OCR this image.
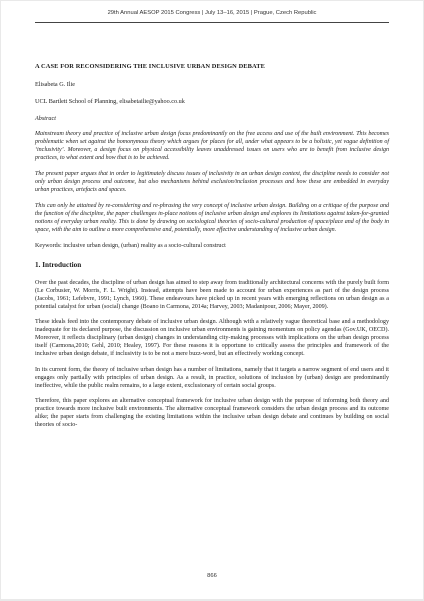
29th Annual AESOP 2015 Congress | July 13–16, 2015 | Prague, Czech Republic

A CASE FOR RECONSIDERING THE INCLUSIVE URBAN DESIGN DEBATE

Elisabeta G. Ilie

UCL Bartlett School of Planning, elisabetailie@yahoo.co.uk

Abstract

Mainstream theory and practice of inclusive urban design focus predominantly on the free access and use of the built environment. This becomes problematic when set against the homonymous theory which argues for places for all, under what appears to be a holistic, yet vague definition of ‘inclusivity’. Moreover, a design focus on physical accessibility leaves unaddressed issues on users who are to benefit from inclusive design practices, to what extent and how that is to be achieved.

The present paper argues that in order to legitimately discuss issues of inclusivity in an urban design context, the discipline needs to consider not only urban design process and outcome, but also mechanisms behind exclusion/inclusion processes and how these are embedded in everyday urban practices, artefacts and spaces.

This can only be attained by re-considering and re-phrasing the very concept of inclusive urban design. Building on a critique of the purpose and the function of the discipline, the paper challenges in-place notions of inclusive urban design and explores its limitations against taken-for-granted notions of everyday urban reality. This is done by drawing on sociological theories of socio-cultural production of space/place and of the body in space, with the aim to outline a more comprehensive and, potentially, more effective understanding of inclusive urban design.

Keywords: inclusive urban design, (urban) reality as a socio-cultural construct

1. Introduction

Over the past decades, the discipline of urban design has aimed to step away from traditionally architectural concerns with the purely built form (Le Corbusier, W. Morris, F. L. Wright). Instead, attempts have been made to account for urban experiences as part of the design process (Jacobs, 1961; Lefebvre, 1991; Lynch, 1960). These endeavours have picked up in recent years with emerging reflections on urban design as a potential catalyst for urban (social) change (Boano in Carmona, 2014a; Harvey, 2003; Madanipour, 2006; Mayer, 2009).

These ideals feed into the contemporary debate of inclusive urban design. Although with a relatively vague theoretical base and a methodology inadequate for its declared purpose, the discussion on inclusive urban environments is gaining momentum on policy agendas (Gov.UK, OECD). Moreover, it reflects disciplinary (urban design) changes in understanding city-making processes with implications on the urban design process itself (Carmona,2010; Gehl, 2010; Healey, 1997). For these reasons it is opportune to critically assess the principles and framework of the inclusive urban design debate, if inclusivity is to be not a mere buzz-word, but an effectively working concept.

In its current form, the theory of inclusive urban design has a number of limitations, namely that it targets a narrow segment of end users and it engages only partially with principles of urban design. As a result, in practice, solutions of inclusion by (urban) design are predominantly ineffective, while the public realm remains, to a large extent, exclusionary of certain social groups.

Therefore, this paper explores an alternative conceptual framework for inclusive urban design with the purpose of informing both theory and practice towards more inclusive built environments. The alternative conceptual framework considers the urban design process and its outcome alike; the paper starts from challenging the existing limitations within the inclusive urban design debate and continues by building on social theories of socio-

866
